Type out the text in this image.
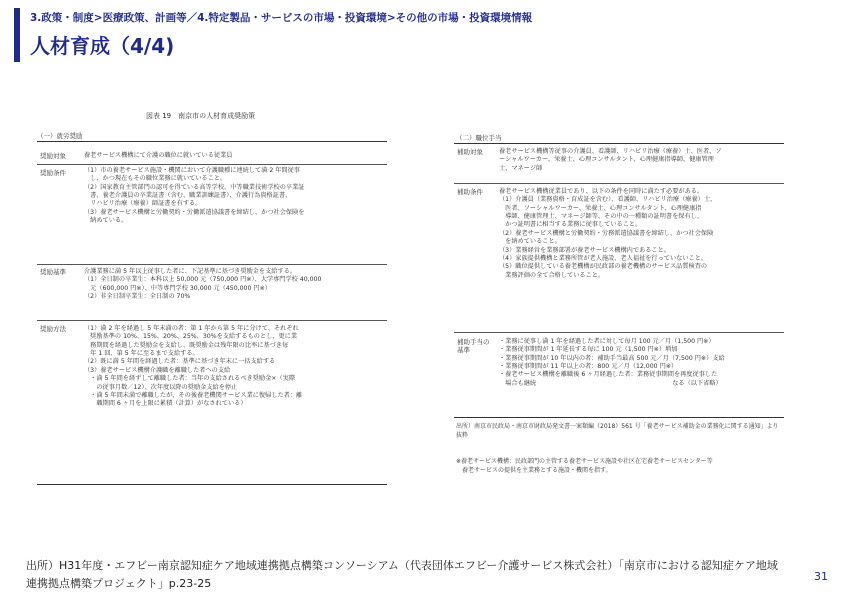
3.政策・制度>医療政策、計画等／4.特定製品・サービスの市場・投資環境>その他の市場・投資環境情報
人材育成（4/4)
図表 19　南京市の人材育成奨励策
（一）就労奨励
奨励対象	養老サービス機構にて介護の職位に就いている従業員
奨励条件	（1）市の養老サービス施設・機関において介護職種に連続して満 2 年間従事
　し、かつ現在もその職位業務に就いていること。
（2）国家教育主管部門の認可を得ている高等学校、中等職業技術学校の卒業証
　書、養老介護員の卒業証書（含む、職業訓練証書）、介護行為資格証書、
　リハビリ治療（療養）師証書を有する。
（3）養老サービス機構と労働契約・労働派遣協議書を締結し、かつ社会保険を
　納めている。
奨励基準	介護業務に満 5 年以上従事した者に、下記基準に基づき奨励金を支給する。
（1）全日制の卒業生：本科以上 50,000 元（750,000 円※）、大学専門学校 40,000
　元（600,000 円※）、中等専門学校 30,000 元（450,000 円※）
（2）非全日制卒業生：全日制の 70%
奨励方法	（1）満 2 年を経過し 5 年未満の者：第 1 年から第 5 年に分けて、それぞれ
　奨励基準の 10%、15%、20%、25%、30%を支給するものとし、更に業
　務期間を経過した奨励金を支給し、既奨励金は残年限の比率に基づき毎
　年 1 回、第 5 年に至るまで支給する。
（2）既に満 5 年間を経過した者：基準に基づき年末に一括支給する
（3）養老サービス機構介護職を離職した者への支給
　・満 5 年間を経ずして離職した者：当年の支給されるべき奨励金×（実際
　　の従事月数／12）、次年度以降の奨励金支給を停止
　・満 5 年間未満で離職したが、その後養老機関サービス業に復帰した者：離
　　職期間 6 ヶ月を上限に累積（計算）がなされている）
（二）職位手当
補助対象	養老サービス機構等従事の介護員、看護師、リハビリ治療（療養）士、医者、ソ
ーシャルワーカー、栄養士、心理コンサルタント、心理健康指導師、健康管理
士、マネージ師
補助条件	養老サービス機構従業員であり、以下の条件を同時に満たす必要がある。
（1）介護員（業務資格・育成証を含む）、看護師、リハビリ治療（療養）士、
　医者、ソーシャルワーカー、栄養士、心理コンサルタント、心理健康指
　導師、健康管理士、マネージ師等、その中の一種類の証明書を保有し、
　かつ証明書に相当する業務に従事していること。
（2）養老サービス機構と労働契約・労務派遣協議書を締結し、かつ社会保険
　を納めていること。
（3）業務経営を業務部署が養老サービス機構内であること。
（4）家族提供機構と業務所管が老人施設、老人福祉を行っていないこと。
（5）職位提供している養老機構が民政部の養老機構のサービス品質検査の
　業務評価の全て合格していること。
補助手当の基準
・業務に従事し満 1 年を経過した者に対して毎月 100 元／月（1,500 円※）
・業務従事期間が 1 年延長する毎に 100 元（1,500 円※）増加
・業務従事期間が 10 年以内の者：補助手当最高 500 元／月（7,500 円※）支給
・業務従事期間が 11 年以上の者：800 元／月（12,000 円※）
・養老サービス機構を離職後 6 ヶ月経過した者：業務従事期間を再度従事した
　場合も継続　　　　　　　　　　　　　　　　　　　　　　なる（以下省略）
出所）南京市民政局・南京市財政局発文書一案類編（2018）561 号「養老サービス補助金の業務化に関する通知」より抜粋
※養老サービス機構：民政部門の主管する養老サービス施設や社区在宅養老サービスセンター等
　養老サービスの提供を主業務とする施設・機関を指す。
出所）H31年度・エフビー南京認知症ケア地域連携拠点構築コンソーシアム（代表団体エフビー介護サービス株式会社）「南京市における認知症ケア地域連携拠点構築プロジェクト」p.23-25
31
